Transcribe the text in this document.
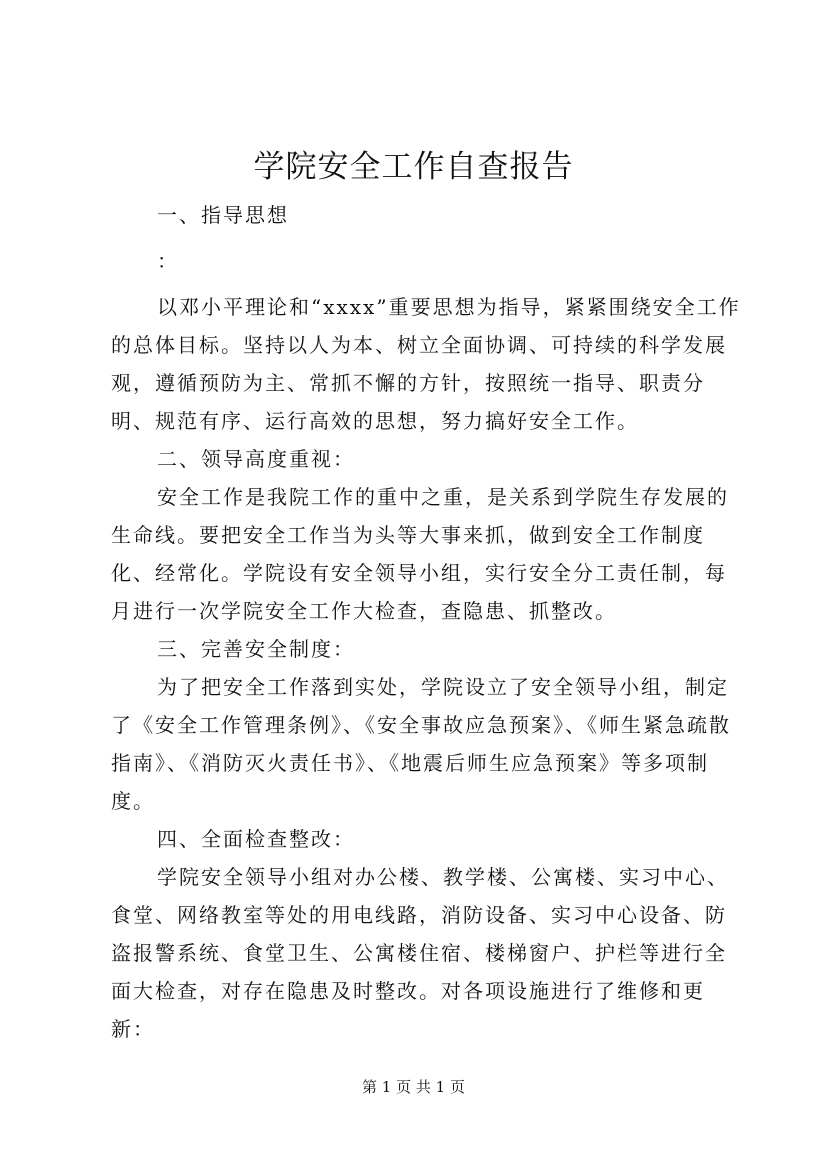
学院安全工作自查报告

一、指导思想

：

以邓小平理论和“xxxx”重要思想为指导，紧紧围绕安全工作的总体目标。坚持以人为本、树立全面协调、可持续的科学发展观，遵循预防为主、常抓不懈的方针，按照统一指导、职责分明、规范有序、运行高效的思想，努力搞好安全工作。

二、领导高度重视：

安全工作是我院工作的重中之重，是关系到学院生存发展的生命线。要把安全工作当为头等大事来抓，做到安全工作制度化、经常化。学院设有安全领导小组，实行安全分工责任制，每月进行一次学院安全工作大检查，查隐患、抓整改。

三、完善安全制度：

为了把安全工作落到实处，学院设立了安全领导小组，制定了《安全工作管理条例》、《安全事故应急预案》、《师生紧急疏散指南》、《消防灭火责任书》、《地震后师生应急预案》等多项制度。

四、全面检查整改：

学院安全领导小组对办公楼、教学楼、公寓楼、实习中心、食堂、网络教室等处的用电线路，消防设备、实习中心设备、防盗报警系统、食堂卫生、公寓楼住宿、楼梯窗户、护栏等进行全面大检查，对存在隐患及时整改。对各项设施进行了维修和更新：

第 1 页 共 1 页
